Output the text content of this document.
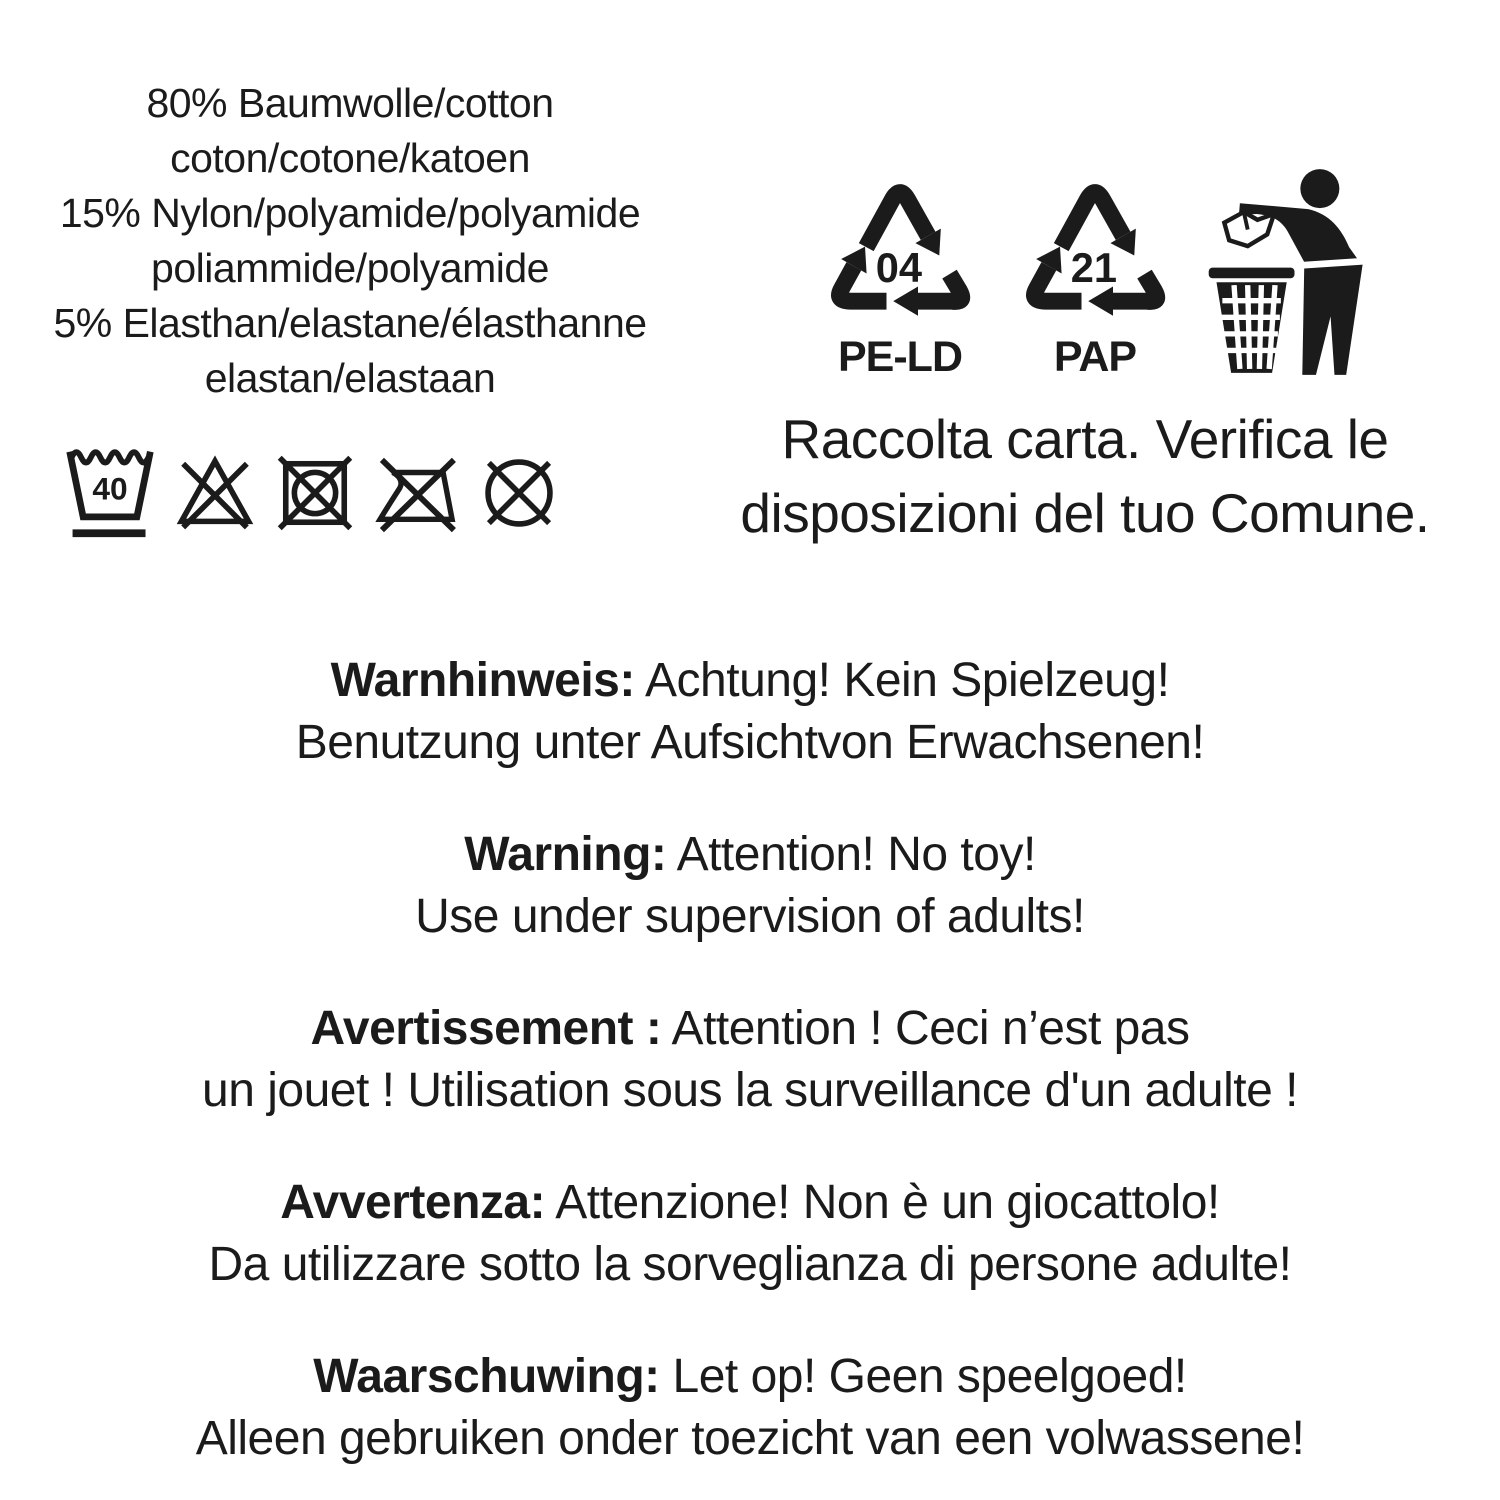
80% Baumwolle/cotton
coton/cotone/katoen
15% Nylon/polyamide/polyamide
poliammide/polyamide
5% Elasthan/elastane/élasthanne
elastan/elastaan
04
PE-LD
21
PAP
Raccolta carta. Verifica le
disposizioni del tuo Comune.
40
Warnhinweis: Achtung! Kein Spielzeug!
Benutzung unter Aufsichtvon Erwachsenen!
Warning: Attention! No toy!
Use under supervision of adults!
Avertissement : Attention ! Ceci n’est pas
un jouet ! Utilisation sous la surveillance d'un adulte !
Avvertenza: Attenzione! Non è un giocattolo!
Da utilizzare sotto la sorveglianza di persone adulte!
Waarschuwing: Let op! Geen speelgoed!
Alleen gebruiken onder toezicht van een volwassene!
